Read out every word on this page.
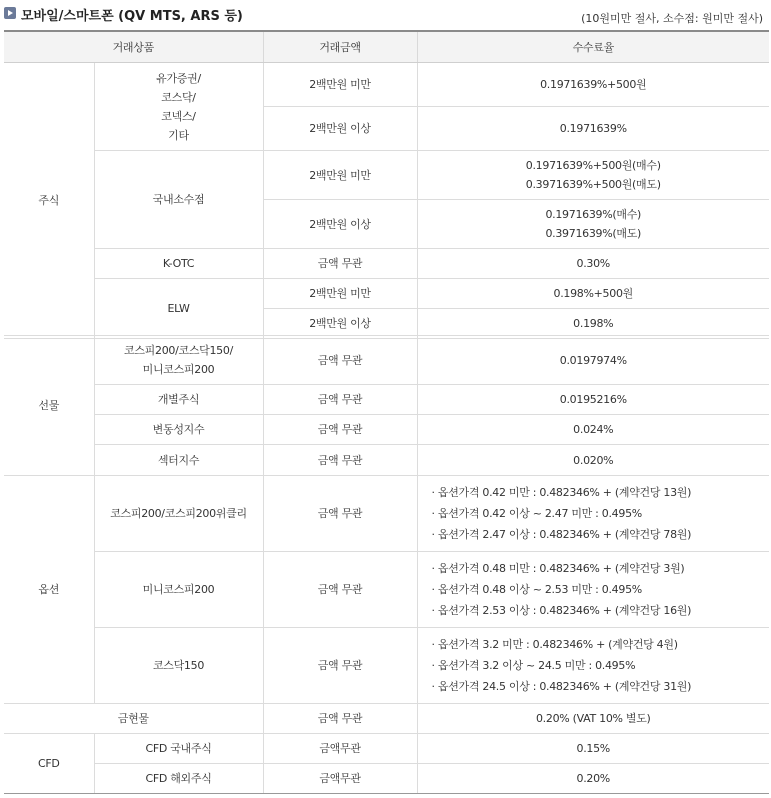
모바일/스마트폰 (QV MTS, ARS 등)	(10원미만 절사, 소수점: 원미만 절사)
거래상품		거래금액	수수료율
주식	유가증권/
코스닥/
코넥스/
기타	2백만원 미만	0.1971639%+500원
		2백만원 이상	0.1971639%
	국내소수점	2백만원 미만	0.1971639%+500원(매수)
0.3971639%+500원(매도)

		2백만원 이상	0.1971639%(매수)
0.3971639%(매도)

	K-OTC	금액 무관	0.30%
	ELW	2백만원 미만	0.198%+500원
		2백만원 이상	0.198%
선물	코스피200/코스닥150/
미니코스피200	금액 무관	0.0197974%
	개별주식	금액 무관	0.0195216%
	변동성지수	금액 무관	0.024%
	섹터지수	금액 무관	0.020%
옵션	코스피200/코스피200위클리	금액 무관	· 옵션가격 0.42 미만 : 0.482346% + (계약건당 13원)
· 옵션가격 0.42 이상 ~ 2.47 미만 : 0.495%
· 옵션가격 2.47 이상 : 0.482346% + (계약건당 78원)

	미니코스피200	금액 무관	· 옵션가격 0.48 미만 : 0.482346% + (계약건당 3원)
· 옵션가격 0.48 이상 ~ 2.53 미만 : 0.495%
· 옵션가격 2.53 이상 : 0.482346% + (계약건당 16원)

	코스닥150	금액 무관	· 옵션가격 3.2 미만 : 0.482346% + (계약건당 4원)
· 옵션가격 3.2 이상 ~ 24.5 미만 : 0.495%
· 옵션가격 24.5 이상 : 0.482346% + (계약건당 31원)

금현물		금액 무관	0.20% (VAT 10% 별도)
CFD	CFD 국내주식	금액무관	0.15%
	CFD 해외주식	금액무관	0.20%
